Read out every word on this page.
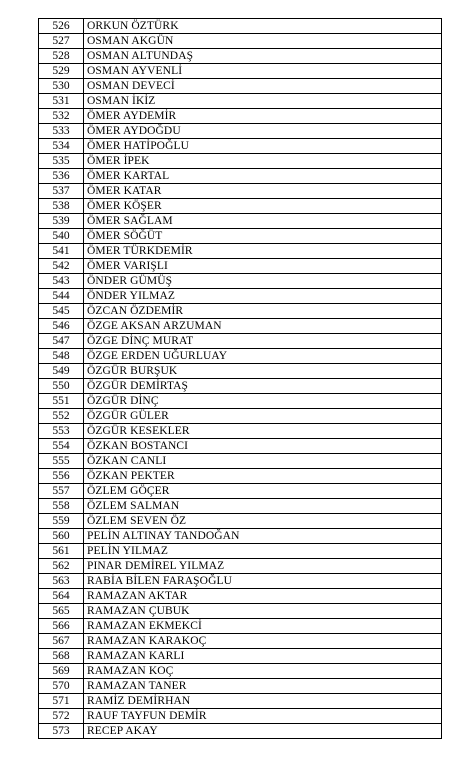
526	ORKUN ÖZTÜRK
527	OSMAN AKGÜN
528	OSMAN ALTUNDAŞ
529	OSMAN AYVENLİ
530	OSMAN DEVECİ
531	OSMAN İKİZ
532	ÖMER AYDEMİR
533	ÖMER AYDOĞDU
534	ÖMER HATİPOĞLU
535	ÖMER İPEK
536	ÖMER KARTAL
537	ÖMER KATAR
538	ÖMER KÖŞER
539	ÖMER SAĞLAM
540	ÖMER SÖĞÜT
541	ÖMER TÜRKDEMİR
542	ÖMER VARIŞLI
543	ÖNDER GÜMÜŞ
544	ÖNDER YILMAZ
545	ÖZCAN ÖZDEMİR
546	ÖZGE AKSAN ARZUMAN
547	ÖZGE DİNÇ MURAT
548	ÖZGE ERDEN UĞURLUAY
549	ÖZGÜR BURŞUK
550	ÖZGÜR DEMİRTAŞ
551	ÖZGÜR DİNÇ
552	ÖZGÜR GÜLER
553	ÖZGÜR KESEKLER
554	ÖZKAN BOSTANCI
555	ÖZKAN CANLI
556	ÖZKAN PEKTER
557	ÖZLEM GÖÇER
558	ÖZLEM SALMAN
559	ÖZLEM SEVEN ÖZ
560	PELİN ALTINAY TANDOĞAN
561	PELİN YILMAZ
562	PINAR DEMİREL YILMAZ
563	RABİA BİLEN FARAŞOĞLU
564	RAMAZAN AKTAR
565	RAMAZAN ÇUBUK
566	RAMAZAN EKMEKCİ
567	RAMAZAN KARAKOÇ
568	RAMAZAN KARLI
569	RAMAZAN KOÇ
570	RAMAZAN TANER
571	RAMİZ DEMİRHAN
572	RAUF TAYFUN DEMİR
573	RECEP AKAY
